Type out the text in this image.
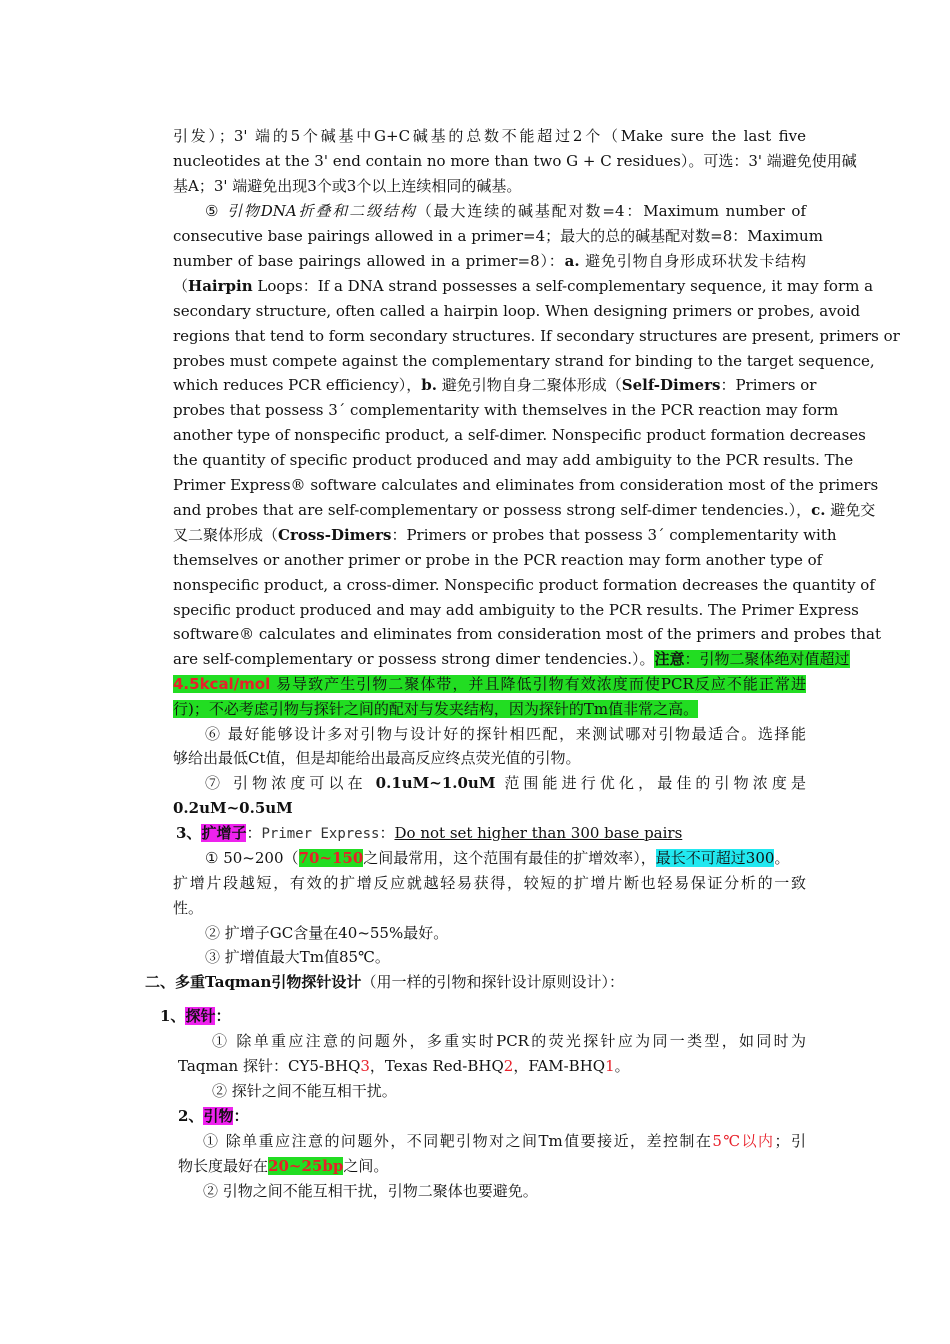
引发）；3' 端的5个碱基中G+C碱基的总数不能超过2个（Make sure the last five
nucleotides at the 3' end contain no more than two G + C residues）。可选：3' 端避免使用碱
基A；3' 端避免出现3个或3个以上连续相同的碱基。
⑤ 引物DNA折叠和二级结构（最大连续的碱基配对数=4：Maximum number of
consecutive base pairings allowed in a primer=4；最大的总的碱基配对数=8：Maximum
number of base pairings allowed in a primer=8）：a. 避免引物自身形成环状发卡结构
（Hairpin Loops：If a DNA strand possesses a self-complementary sequence, it may form a
secondary structure, often called a hairpin loop. When designing primers or probes, avoid
regions that tend to form secondary structures. If secondary structures are present, primers or
probes must compete against the complementary strand for binding to the target sequence,
which reduces PCR efficiency），b. 避免引物自身二聚体形成（Self-Dimers：Primers or
probes that possess 3´ complementarity with themselves in the PCR reaction may form
another type of nonspecific product, a self-dimer. Nonspecific product formation decreases
the quantity of specific product produced and may add ambiguity to the PCR results. The
Primer Express® software calculates and eliminates from consideration most of the primers
and probes that are self-complementary or possess strong self-dimer tendencies.），c. 避免交
叉二聚体形成（Cross-Dimers：Primers or probes that possess 3´ complementarity with
themselves or another primer or probe in the PCR reaction may form another type of
nonspecific product, a cross-dimer. Nonspecific product formation decreases the quantity of
specific product produced and may add ambiguity to the PCR results. The Primer Express
software® calculates and eliminates from consideration most of the primers and probes that
are self-complementary or possess strong dimer tendencies.）。注意：引物二聚体绝对值超过
4.5kcal/mol 易导致产生引物二聚体带，并且降低引物有效浓度而使PCR反应不能正常进
行)；不必考虑引物与探针之间的配对与发夹结构，因为探针的Tm值非常之高。
⑥ 最好能够设计多对引物与设计好的探针相匹配，来测试哪对引物最适合。选择能
够给出最低Ct值，但是却能给出最高反应终点荧光值的引物。
⑦ 引物浓度可以在 0.1uM~1.0uM 范围能进行优化，最佳的引物浓度是
0.2uM~0.5uM
3、扩增子：Primer Express：Do not set higher than 300 base pairs
① 50~200（70~150之间最常用，这个范围有最佳的扩增效率），最长不可超过300。
扩增片段越短，有效的扩增反应就越轻易获得，较短的扩增片断也轻易保证分析的一致
性。
② 扩增子GC含量在40~55%最好。
③ 扩增值最大Tm值85℃。
二、多重Taqman引物探针设计（用一样的引物和探针设计原则设计）：
1、探针：
① 除单重应注意的问题外，多重实时PCR的荧光探针应为同一类型，如同时为
Taqman 探针：CY5-BHQ3，Texas Red-BHQ2，FAM-BHQ1。
② 探针之间不能互相干扰。
2、引物：
① 除单重应注意的问题外，不同靶引物对之间Tm值要接近，差控制在5℃以内；引
物长度最好在20~25bp之间。
② 引物之间不能互相干扰，引物二聚体也要避免。
